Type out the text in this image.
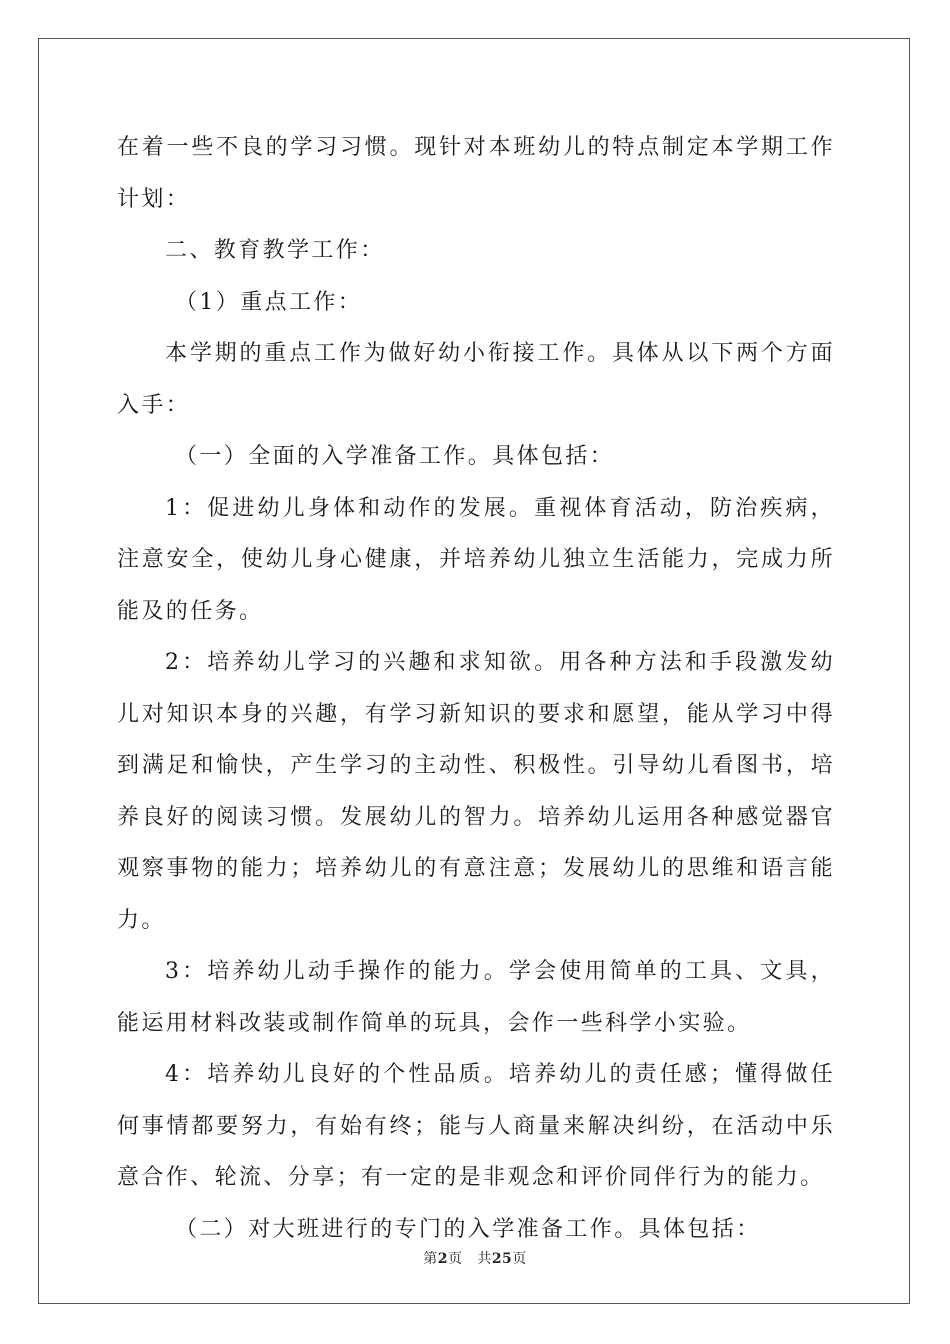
在着一些不良的学习习惯。现针对本班幼儿的特点制定本学期工作计划：

二、教育教学工作：

（1）重点工作：

本学期的重点工作为做好幼小衔接工作。具体从以下两个方面入手：

（一）全面的入学准备工作。具体包括：

1：促进幼儿身体和动作的发展。重视体育活动，防治疾病，注意安全，使幼儿身心健康，并培养幼儿独立生活能力，完成力所能及的任务。

2：培养幼儿学习的兴趣和求知欲。用各种方法和手段激发幼儿对知识本身的兴趣，有学习新知识的要求和愿望，能从学习中得到满足和愉快，产生学习的主动性、积极性。引导幼儿看图书，培养良好的阅读习惯。发展幼儿的智力。培养幼儿运用各种感觉器官观察事物的能力；培养幼儿的有意注意；发展幼儿的思维和语言能力。

3：培养幼儿动手操作的能力。学会使用简单的工具、文具，能运用材料改装或制作简单的玩具，会作一些科学小实验。

4：培养幼儿良好的个性品质。培养幼儿的责任感；懂得做任何事情都要努力，有始有终；能与人商量来解决纠纷，在活动中乐意合作、轮流、分享；有一定的是非观念和评价同伴行为的能力。

（二）对大班进行的专门的入学准备工作。具体包括：

第2页 共25页
